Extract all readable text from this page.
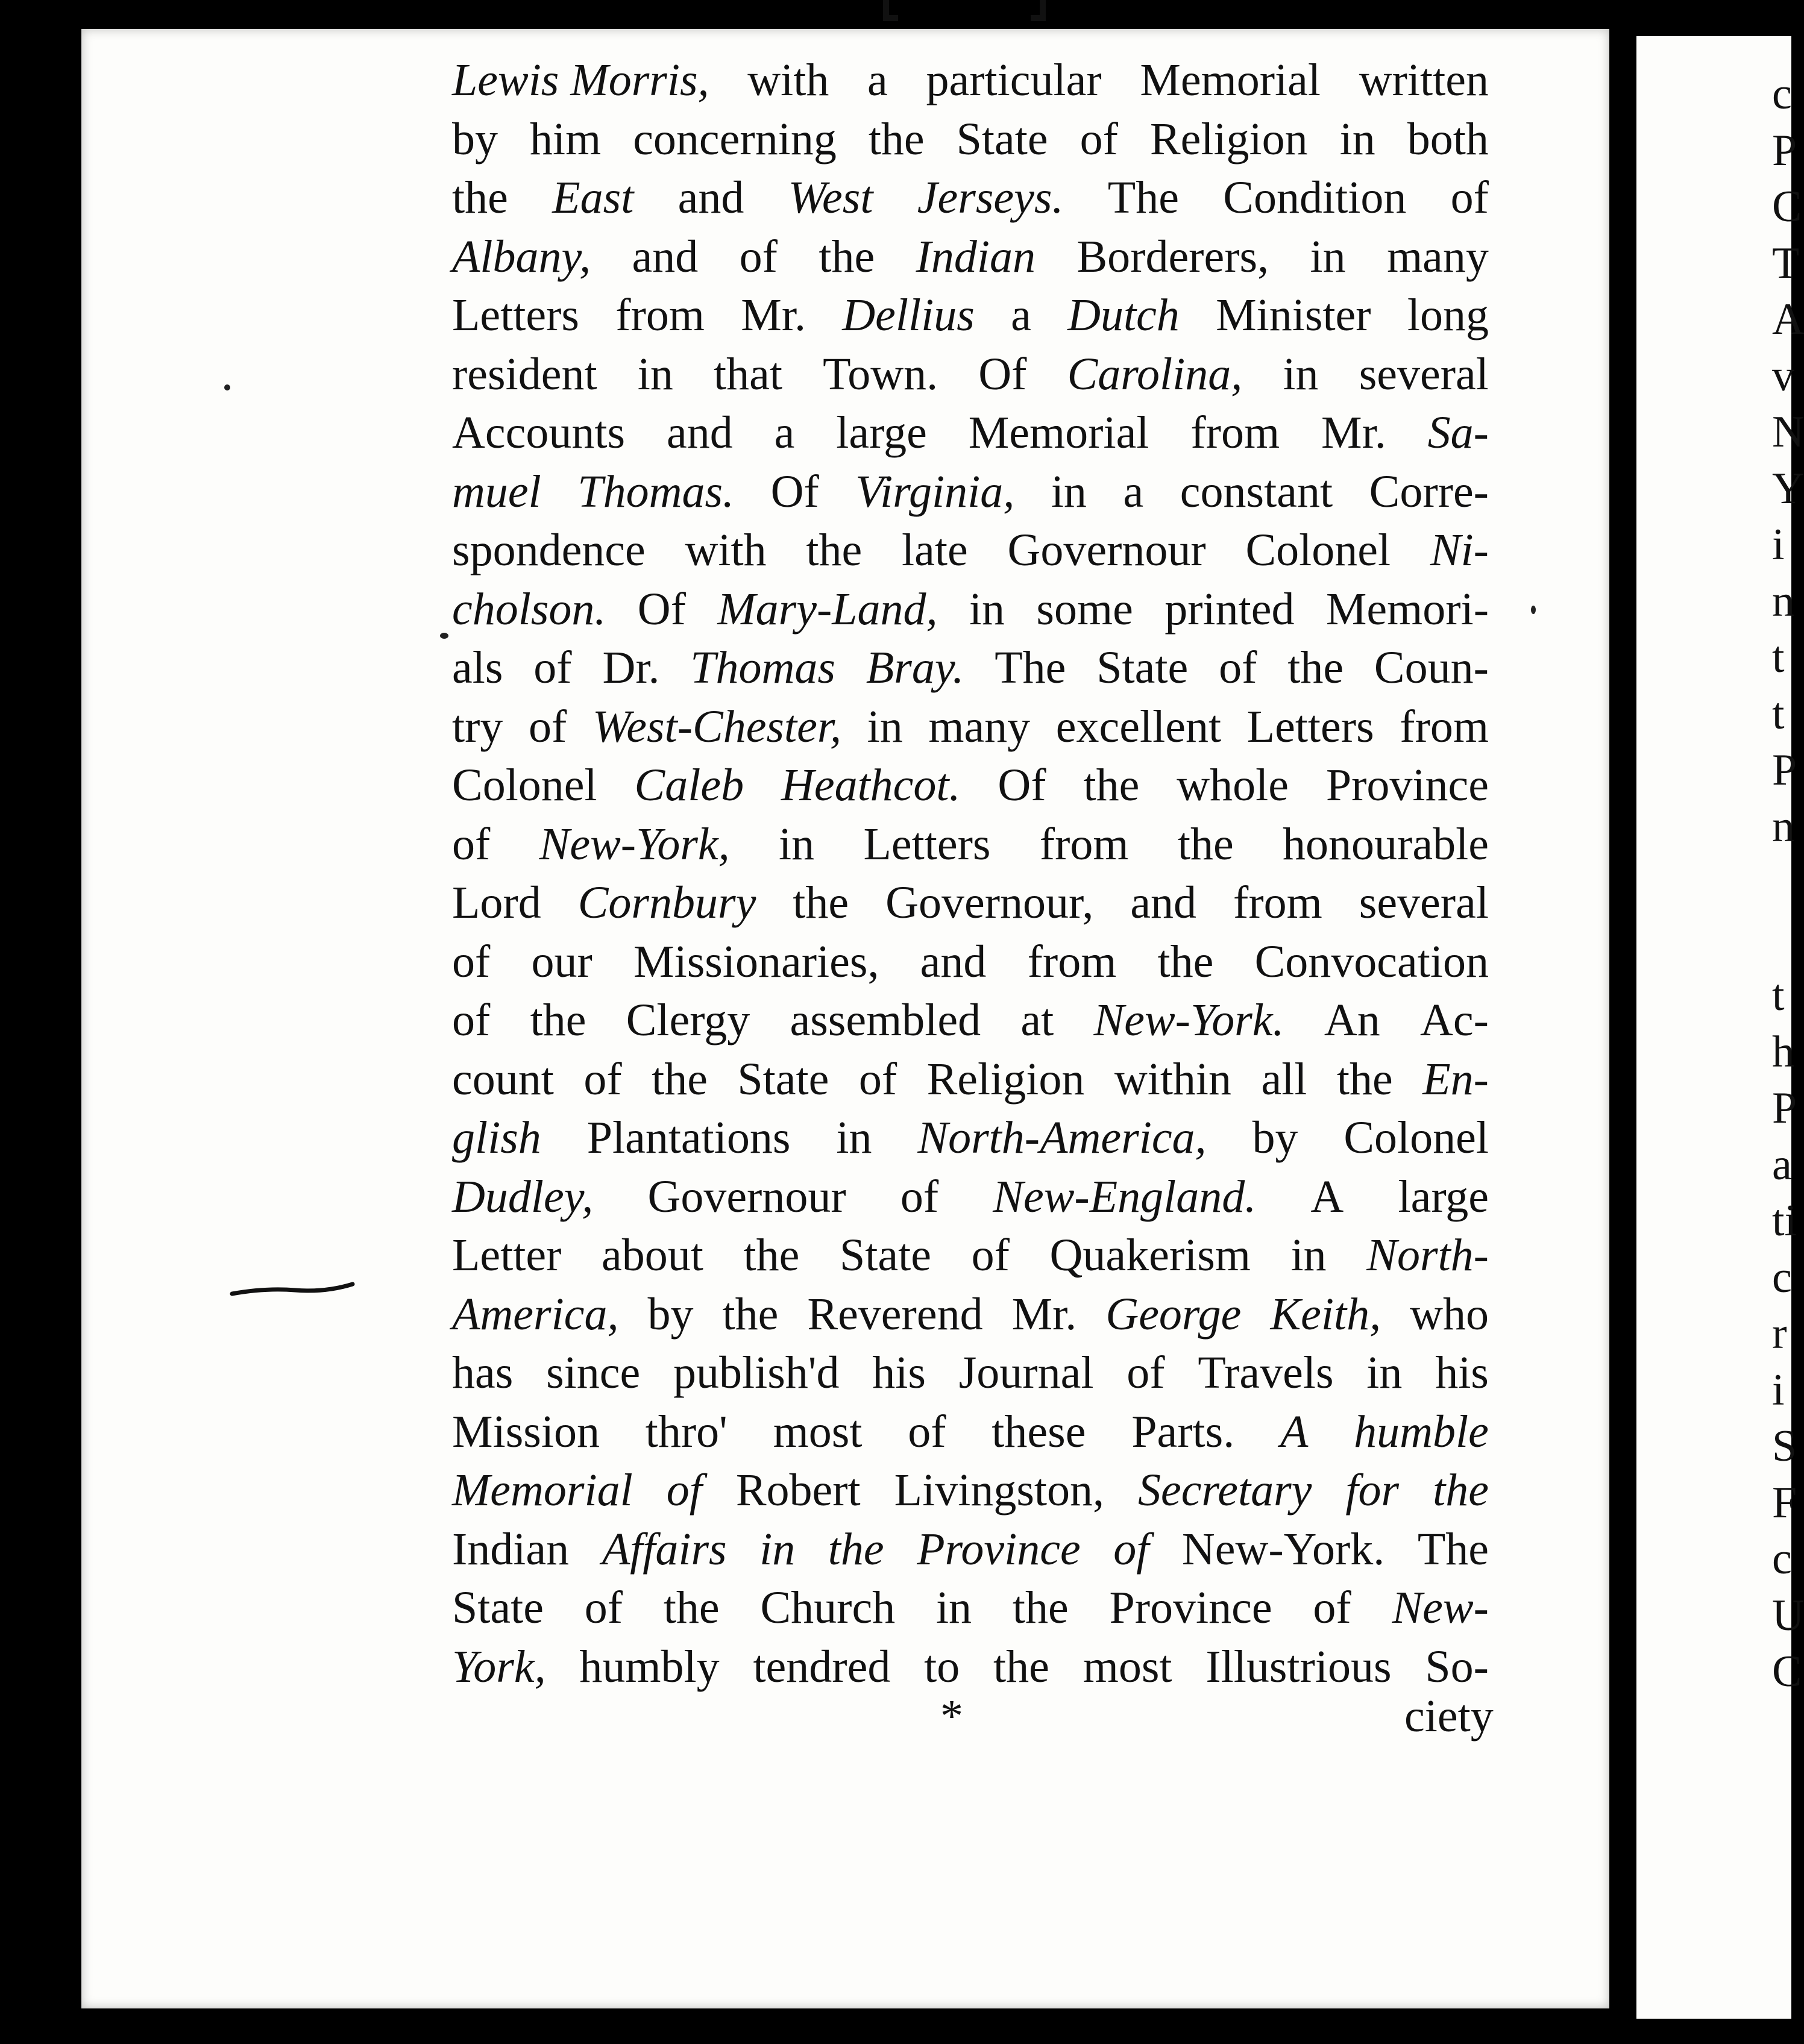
Lewis Morris, with a particular Memorial written
by him concerning the State of Religion in both
the East and West Jerseys. The Condition of
Albany, and of the Indian Borderers, in many
Letters from Mr. Dellius a Dutch Minister long
resident in that Town. Of Carolina, in several
Accounts and a large Memorial from Mr. Sa-
muel Thomas. Of Virginia, in a constant Corre-
spondence with the late Governour Colonel Ni-
cholson. Of Mary-Land, in some printed Memori-
als of Dr. Thomas Bray. The State of the Coun-
try of West-Chester, in many excellent Letters from
Colonel Caleb Heathcot. Of the whole Province
of New-York, in Letters from the honourable
Lord Cornbury the Governour, and from several
of our Missionaries, and from the Convocation
of the Clergy assembled at New-York. An Ac-
count of the State of Religion within all the En-
glish Plantations in North-America, by Colonel
Dudley, Governour of New-England. A large
Letter about the State of Quakerism in North-
America, by the Reverend Mr. George Keith, who
has since publish'd his Journal of Travels in his
Mission thro' most of these Parts. A humble
Memorial of Robert Livingston, Secretary for the
Indian Affairs in the Province of New-York. The
State of the Church in the Province of New-
York, humbly tendred to the most Illustrious So-
*	ciety
c
P
C
T
A
v
N
Y
i
n
t
t
P
n
t
h
P
a
ti
c
r
i
S
F
c
U
C
